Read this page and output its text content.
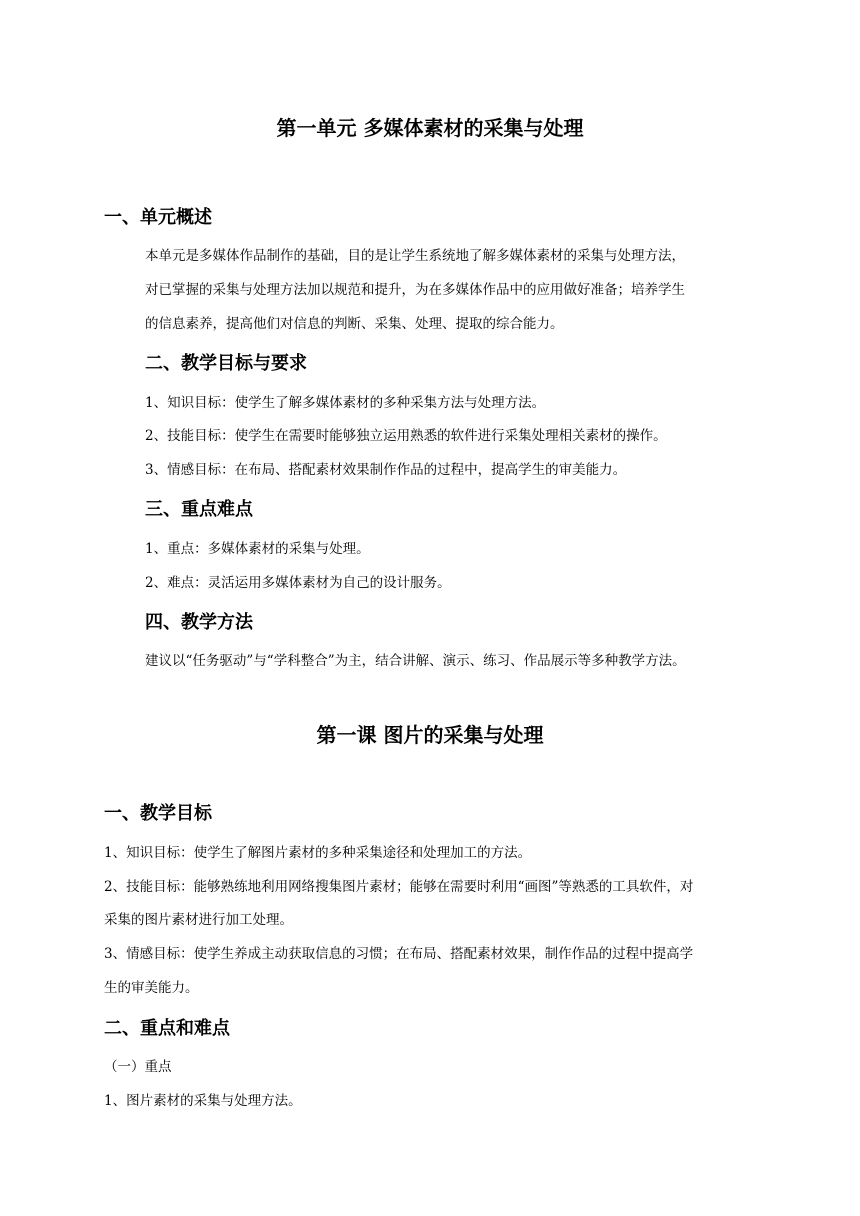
第一单元 多媒体素材的采集与处理
一、单元概述
本单元是多媒体作品制作的基础，目的是让学生系统地了解多媒体素材的采集与处理方法，
对已掌握的采集与处理方法加以规范和提升，为在多媒体作品中的应用做好准备；培养学生
的信息素养，提高他们对信息的判断、采集、处理、提取的综合能力。
二、教学目标与要求
1、知识目标：使学生了解多媒体素材的多种采集方法与处理方法。
2、技能目标：使学生在需要时能够独立运用熟悉的软件进行采集处理相关素材的操作。
3、情感目标：在布局、搭配素材效果制作作品的过程中，提高学生的审美能力。
三、重点难点
1、重点：多媒体素材的采集与处理。
2、难点：灵活运用多媒体素材为自己的设计服务。
四、教学方法
建议以“任务驱动”与“学科整合”为主，结合讲解、演示、练习、作品展示等多种教学方法。
第一课 图片的采集与处理
一、教学目标
1、知识目标：使学生了解图片素材的多种采集途径和处理加工的方法。
2、技能目标：能够熟练地利用网络搜集图片素材；能够在需要时利用“画图”等熟悉的工具软件，对
采集的图片素材进行加工处理。
3、情感目标：使学生养成主动获取信息的习惯；在布局、搭配素材效果，制作作品的过程中提高学
生的审美能力。
二、重点和难点
（一）重点
1、图片素材的采集与处理方法。
